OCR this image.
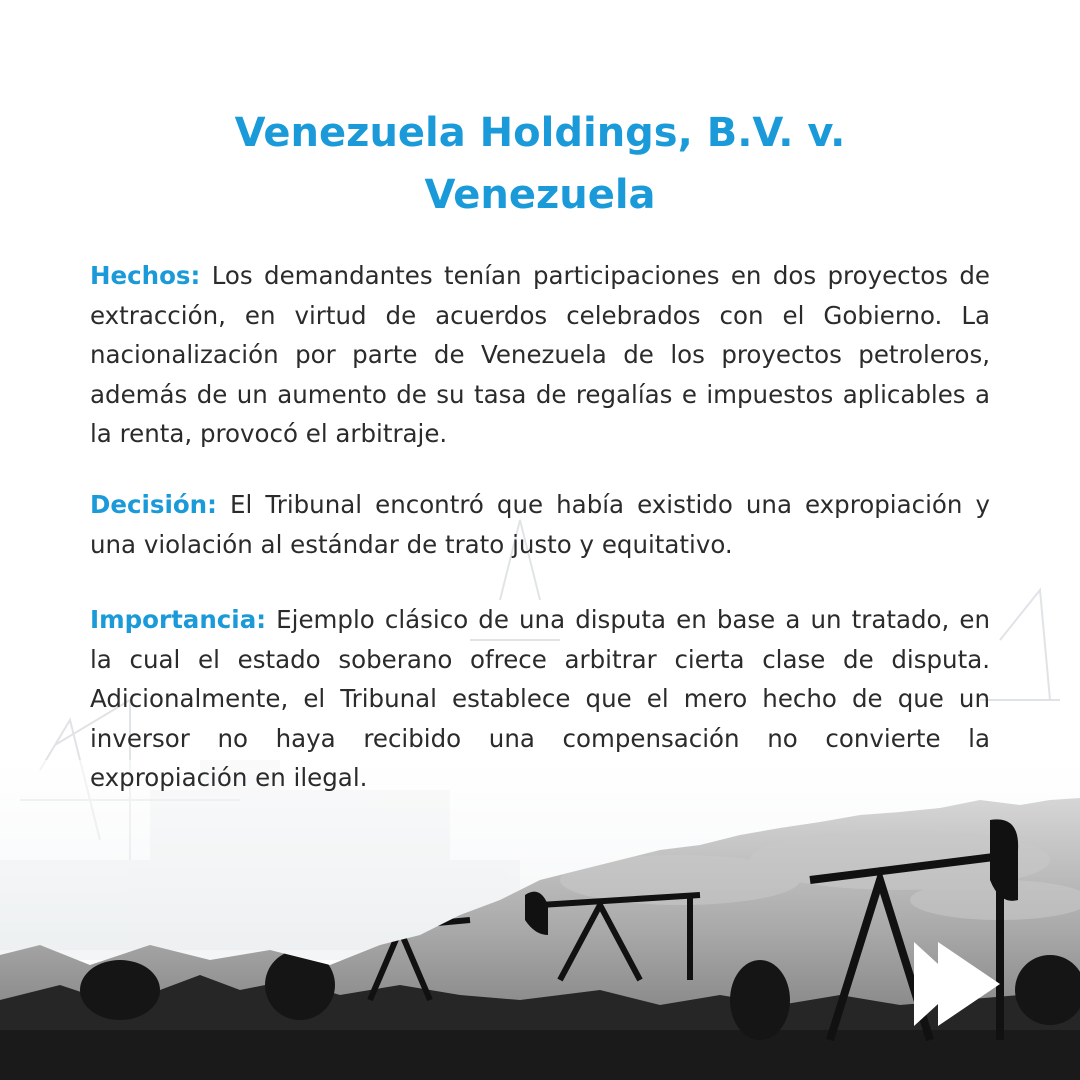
Venezuela Holdings, B.V. v.
Venezuela

Hechos: Los demandantes tenían participaciones en dos proyectos de extracción, en virtud de acuerdos celebrados con el Gobierno. La nacionalización por parte de Venezuela de los proyectos petroleros, además de un aumento de su tasa de regalías e impuestos aplicables a la renta, provocó el arbitraje.

Decisión: El Tribunal encontró que había existido una expropiación y una violación al estándar de trato justo y equitativo.

Importancia: Ejemplo clásico de una disputa en base a un tratado, en la cual el estado soberano ofrece arbitrar cierta clase de disputa. Adicionalmente, el Tribunal establece que el mero hecho de que un inversor no haya recibido una compensación no convierte la expropiación en ilegal.
